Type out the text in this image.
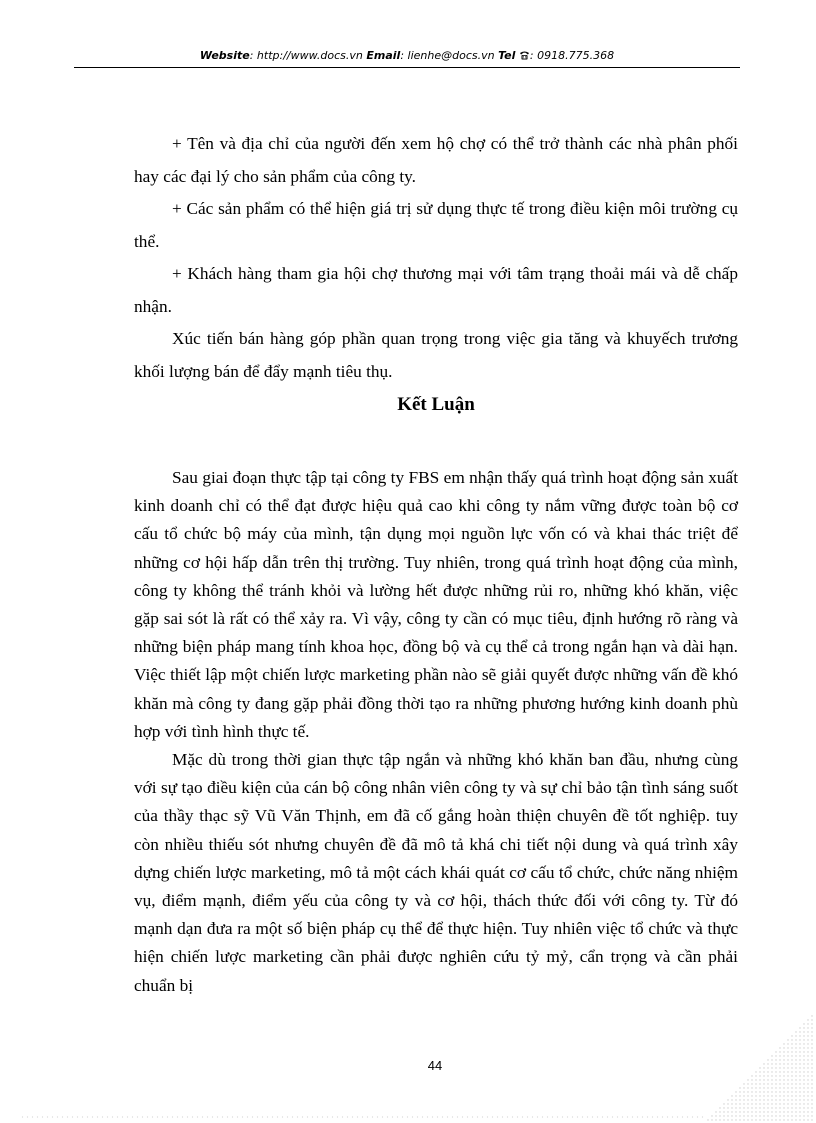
Website: http://www.docs.vn Email: lienhe@docs.vn Tel : 0918.775.368

+ Tên và địa chỉ của người đến xem hộ chợ có thể trở thành các nhà phân phối hay các đại lý cho sản phẩm của công ty.

+ Các sản phẩm có thể hiện giá trị sử dụng thực tế trong điều kiện môi trường cụ thể.

+ Khách hàng tham gia hội chợ thương mại với tâm trạng thoải mái và dễ chấp nhận.

Xúc tiến bán hàng góp phần quan trọng trong việc gia tăng và khuyếch trương khối lượng bán để đẩy mạnh tiêu thụ.

Kết Luận

Sau giai đoạn thực tập tại công ty FBS em nhận thấy quá trình hoạt động sản xuất kinh doanh chỉ có thể đạt được hiệu quả cao khi công ty nắm vững được toàn bộ cơ cấu tổ chức bộ máy của mình, tận dụng mọi nguồn lực vốn có và khai thác triệt để những cơ hội hấp dẫn trên thị trường. Tuy nhiên, trong quá trình hoạt động của mình, công ty không thể tránh khỏi và lường hết được những rủi ro, những khó khăn, việc gặp sai sót là rất có thể xảy ra. Vì vậy, công ty cần có mục tiêu, định hướng rõ ràng và những biện pháp mang tính khoa học, đồng bộ và cụ thể cả trong ngắn hạn và dài hạn. Việc thiết lập một chiến lược marketing phần nào sẽ giải quyết được những vấn đề khó khăn mà công ty đang gặp phải đồng thời tạo ra những phương hướng kinh doanh phù hợp với tình hình thực tế.

Mặc dù trong thời gian thực tập ngắn và những khó khăn ban đầu, nhưng cùng với sự tạo điều kiện của cán bộ công nhân viên công ty và sự chỉ bảo tận tình sáng suốt của thầy thạc sỹ Vũ Văn Thịnh, em đã cố gắng hoàn thiện chuyên đề tốt nghiệp. tuy còn nhiều thiếu sót nhưng chuyên đề đã mô tả khá chi tiết nội dung và quá trình xây dựng chiến lược marketing, mô tả một cách khái quát cơ cấu tổ chức, chức năng nhiệm vụ, điểm mạnh, điểm yếu của công ty và cơ hội, thách thức đối với công ty. Từ đó mạnh dạn đưa ra một số biện pháp cụ thể để thực hiện. Tuy nhiên việc tổ chức và thực hiện chiến lược marketing cần phải được nghiên cứu tỷ mỷ, cẩn trọng và cần phải chuẩn bị

44
